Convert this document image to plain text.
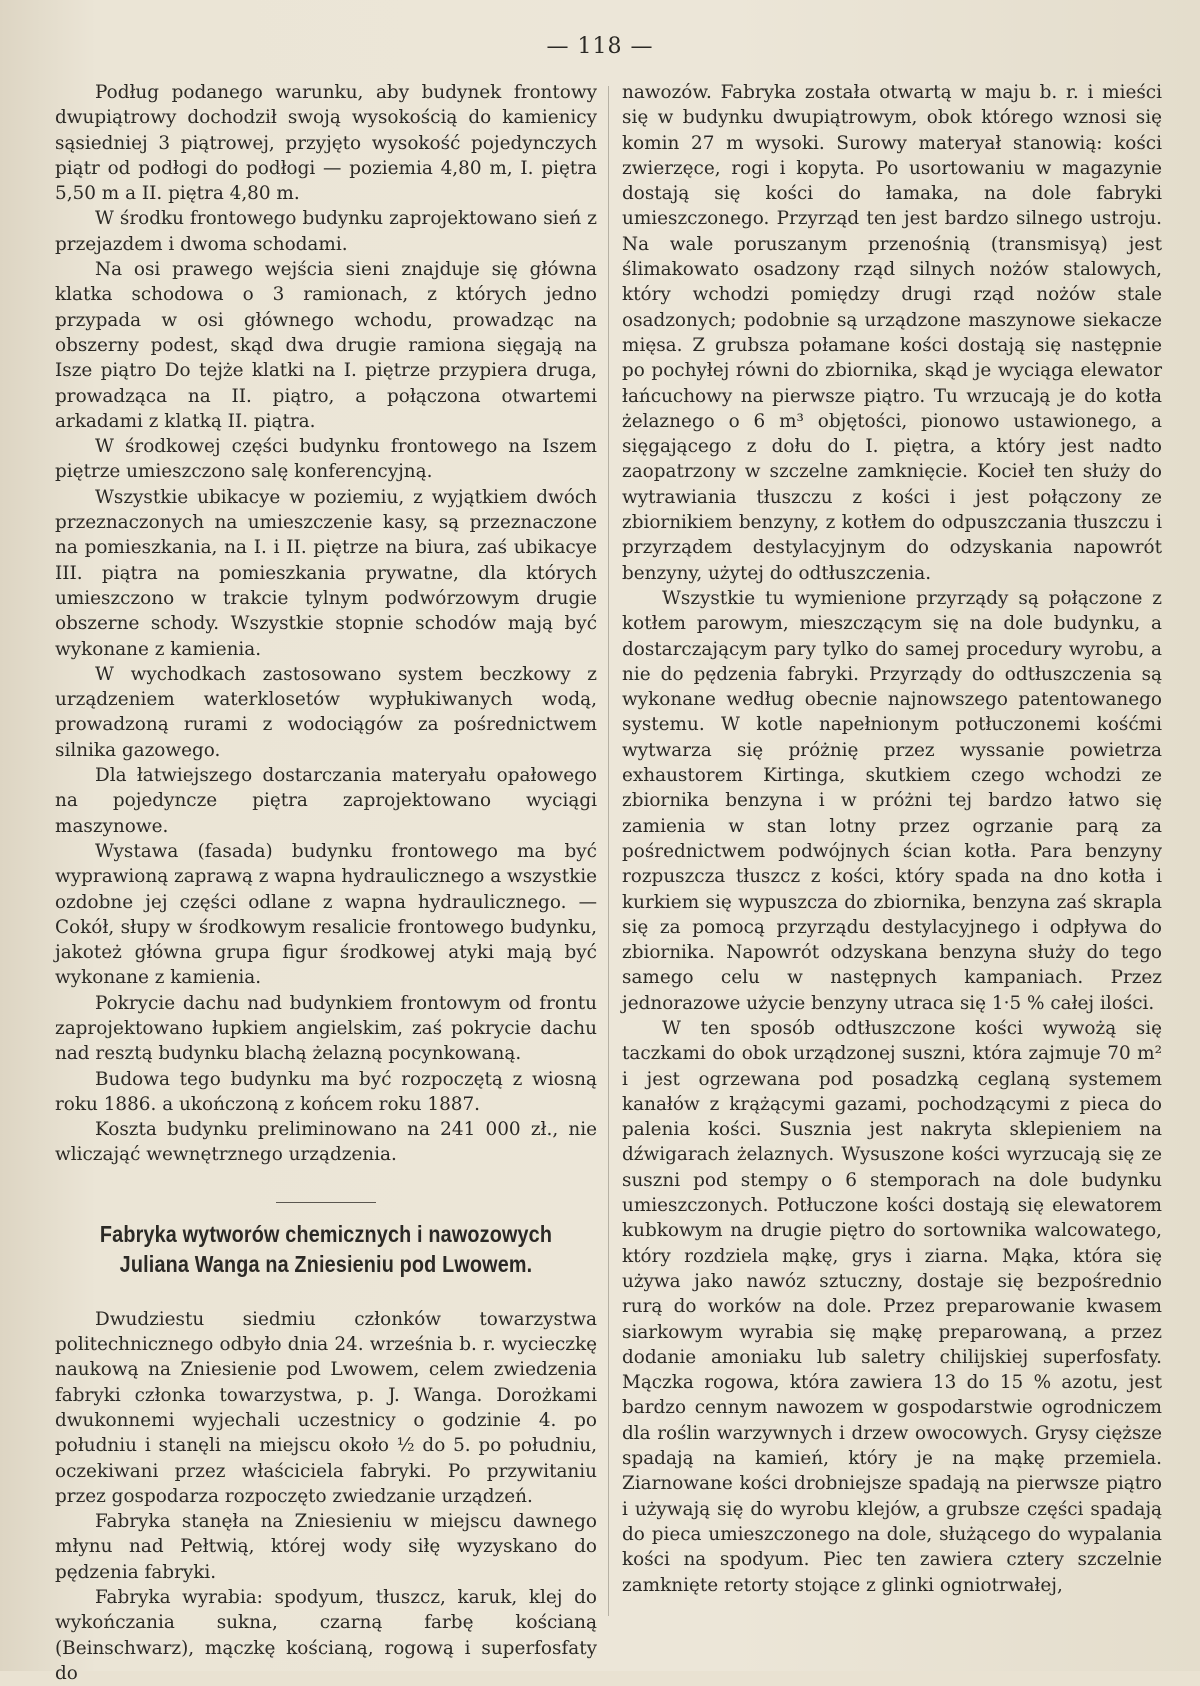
— 118 —

Podług podanego warunku, aby budynek frontowy dwupiątrowy dochodził swoją wysokością do kamienicy sąsiedniej 3 piątrowej, przyjęto wysokość pojedynczych piątr od podłogi do podłogi — poziemia 4,80 m, I. piętra 5,50 m a II. piętra 4,80 m.

W środku frontowego budynku zaprojektowano sień z przejazdem i dwoma schodami.

Na osi prawego wejścia sieni znajduje się główna klatka schodowa o 3 ramionach, z których jedno przypada w osi głównego wchodu, prowadząc na obszerny podest, skąd dwa drugie ramiona sięgają na Isze piątro Do tejże klatki na I. piętrze przypiera druga, prowadząca na II. piątro, a połączona otwartemi arkadami z klatką II. piątra.

W środkowej części budynku frontowego na Iszem piętrze umieszczono salę konferencyjną.

Wszystkie ubikacye w poziemiu, z wyjątkiem dwóch przeznaczonych na umieszczenie kasy, są przeznaczone na pomieszkania, na I. i II. piętrze na biura, zaś ubikacye III. piątra na pomieszkania prywatne, dla których umieszczono w trakcie tylnym podwórzowym drugie obszerne schody. Wszystkie stopnie schodów mają być wykonane z kamienia.

W wychodkach zastosowano system beczkowy z urządzeniem waterklosetów wypłukiwanych wodą, prowadzoną rurami z wodociągów za pośrednictwem silnika gazowego.

Dla łatwiejszego dostarczania materyału opałowego na pojedyncze piętra zaprojektowano wyciągi maszynowe.

Wystawa (fasada) budynku frontowego ma być wyprawioną zaprawą z wapna hydraulicznego a wszystkie ozdobne jej części odlane z wapna hydraulicznego. — Cokół, słupy w środkowym resalicie frontowego budynku, jakoteż główna grupa figur środkowej atyki mają być wykonane z kamienia.

Pokrycie dachu nad budynkiem frontowym od frontu zaprojektowano łupkiem angielskim, zaś pokrycie dachu nad resztą budynku blachą żelazną pocynkowaną.

Budowa tego budynku ma być rozpoczętą z wiosną roku 1886. a ukończoną z końcem roku 1887.

Koszta budynku preliminowano na 241 000 zł., nie wliczająć wewnętrznego urządzenia.

Fabryka wytworów chemicznych i nawozowych
Juliana Wanga na Zniesieniu pod Lwowem.

Dwudziestu siedmiu członków towarzystwa politechnicznego odbyło dnia 24. września b. r. wycieczkę naukową na Zniesienie pod Lwowem, celem zwiedzenia fabryki członka towarzystwa, p. J. Wanga. Dorożkami dwukonnemi wyjechali uczestnicy o godzinie 4. po południu i stanęli na miejscu około ½ do 5. po południu, oczekiwani przez właściciela fabryki. Po przywitaniu przez gospodarza rozpoczęto zwiedzanie urządzeń.

Fabryka stanęła na Zniesieniu w miejscu dawnego młynu nad Pełtwią, której wody siłę wyzyskano do pędzenia fabryki.

Fabryka wyrabia: spodyum, tłuszcz, karuk, klej do wykończania sukna, czarną farbę kościaną (Beinschwarz), mączkę kościaną, rogową i superfosfaty do

nawozów. Fabryka została otwartą w maju b. r. i mieści się w budynku dwupiątrowym, obok którego wznosi się komin 27 m wysoki. Surowy materyał stanowią: kości zwierzęce, rogi i kopyta. Po usortowaniu w magazynie dostają się kości do łamaka, na dole fabryki umieszczonego. Przyrząd ten jest bardzo silnego ustroju. Na wale poruszanym przenośnią (transmisyą) jest ślimakowato osadzony rząd silnych nożów stalowych, który wchodzi pomiędzy drugi rząd nożów stale osadzonych; podobnie są urządzone maszynowe siekacze mięsa. Z grubsza połamane kości dostają się następnie po pochyłej równi do zbiornika, skąd je wyciąga elewator łańcuchowy na pierwsze piątro. Tu wrzucają je do kotła żelaznego o 6 m³ objętości, pionowo ustawionego, a sięgającego z dołu do I. piętra, a który jest nadto zaopatrzony w szczelne zamknięcie. Kocieł ten służy do wytrawiania tłuszczu z kości i jest połączony ze zbiornikiem benzyny, z kotłem do odpuszczania tłuszczu i przyrządem destylacyjnym do odzyskania napowrót benzyny, użytej do odtłuszczenia.

Wszystkie tu wymienione przyrządy są połączone z kotłem parowym, mieszczącym się na dole budynku, a dostarczającym pary tylko do samej procedury wyrobu, a nie do pędzenia fabryki. Przyrządy do odtłuszczenia są wykonane według obecnie najnowszego patentowanego systemu. W kotle napełnionym potłuczonemi kośćmi wytwarza się próżnię przez wyssanie powietrza exhaustorem Kirtinga, skutkiem czego wchodzi ze zbiornika benzyna i w próżni tej bardzo łatwo się zamienia w stan lotny przez ogrzanie parą za pośrednictwem podwójnych ścian kotła. Para benzyny rozpuszcza tłuszcz z kości, który spada na dno kotła i kurkiem się wypuszcza do zbiornika, benzyna zaś skrapla się za pomocą przyrządu destylacyjnego i odpływa do zbiornika. Napowrót odzyskana benzyna służy do tego samego celu w następnych kampaniach. Przez jednorazowe użycie benzyny utraca się 1·5 % całej ilości.

W ten sposób odtłuszczone kości wywożą się taczkami do obok urządzonej suszni, która zajmuje 70 m² i jest ogrzewana pod posadzką ceglaną systemem kanałów z krążącymi gazami, pochodzącymi z pieca do palenia kości. Susznia jest nakryta sklepieniem na dźwigarach żelaznych. Wysuszone kości wyrzucają się ze suszni pod stempy o 6 stemporach na dole budynku umieszczonych. Potłuczone kości dostają się elewatorem kubkowym na drugie piętro do sortownika walcowatego, który rozdziela mąkę, grys i ziarna. Mąka, która się używa jako nawóz sztuczny, dostaje się bezpośrednio rurą do worków na dole. Przez preparowanie kwasem siarkowym wyrabia się mąkę preparowaną, a przez dodanie amoniaku lub saletry chilijskiej superfosfaty. Mączka rogowa, która zawiera 13 do 15 % azotu, jest bardzo cennym nawozem w gospodarstwie ogrodniczem dla roślin warzywnych i drzew owocowych. Grysy cięższe spadają na kamień, który je na mąkę przemiela. Ziarnowane kości drobniejsze spadają na pierwsze piątro i używają się do wyrobu klejów, a grubsze części spadają do pieca umieszczonego na dole, służącego do wypalania kości na spodyum. Piec ten zawiera cztery szczelnie zamknięte retorty stojące z glinki ogniotrwałej,
